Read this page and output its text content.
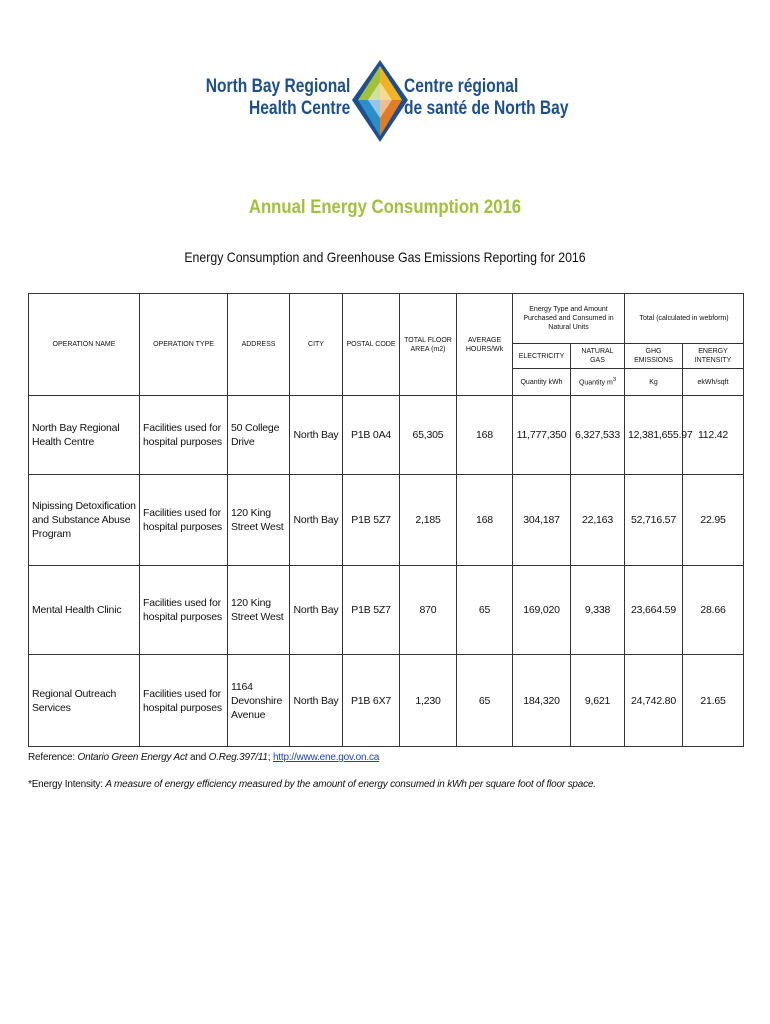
North Bay Regional
Health Centre
Centre régional
de santé de North Bay
Annual Energy Consumption 2016
Energy Consumption and Greenhouse Gas Emissions Reporting for 2016
OPERATION NAME	OPERATION TYPE	ADDRESS	CITY	POSTAL CODE	TOTAL FLOOR AREA (m2)	AVERAGE HOURS/Wk	Energy Type and Amount Purchased and Consumed in Natural Units		Total (calculated in webform)	
							ELECTRICITY	NATURAL GAS	GHG EMISSIONS	ENERGY INTENSITY
							Quantity kWh	Quantity $m^3$	Kg	ekWh/sqft
North Bay Regional Health Centre	Facilities used for hospital purposes	50 College Drive	North Bay	P1B 0A4	65,305	168	11,777,350	6,327,533	12,381,655.97	112.42
Nipissing Detoxification and Substance Abuse Program	Facilities used for hospital purposes	120 King Street West	North Bay	P1B 5Z7	2,185	168	304,187	22,163	52,716.57	22.95
Mental Health Clinic	Facilities used for hospital purposes	120 King Street West	North Bay	P1B 5Z7	870	65	169,020	9,338	23,664.59	28.66
Regional Outreach Services	Facilities used for hospital purposes	1164 Devonshire Avenue	North Bay	P1B 6X7	1,230	65	184,320	9,621	24,742.80	21.65
Reference: Ontario Green Energy Act and O.Reg.397/11; http://www.ene.gov.on.ca
*Energy Intensity: A measure of energy efficiency measured by the amount of energy consumed in kWh per square foot of floor space.
